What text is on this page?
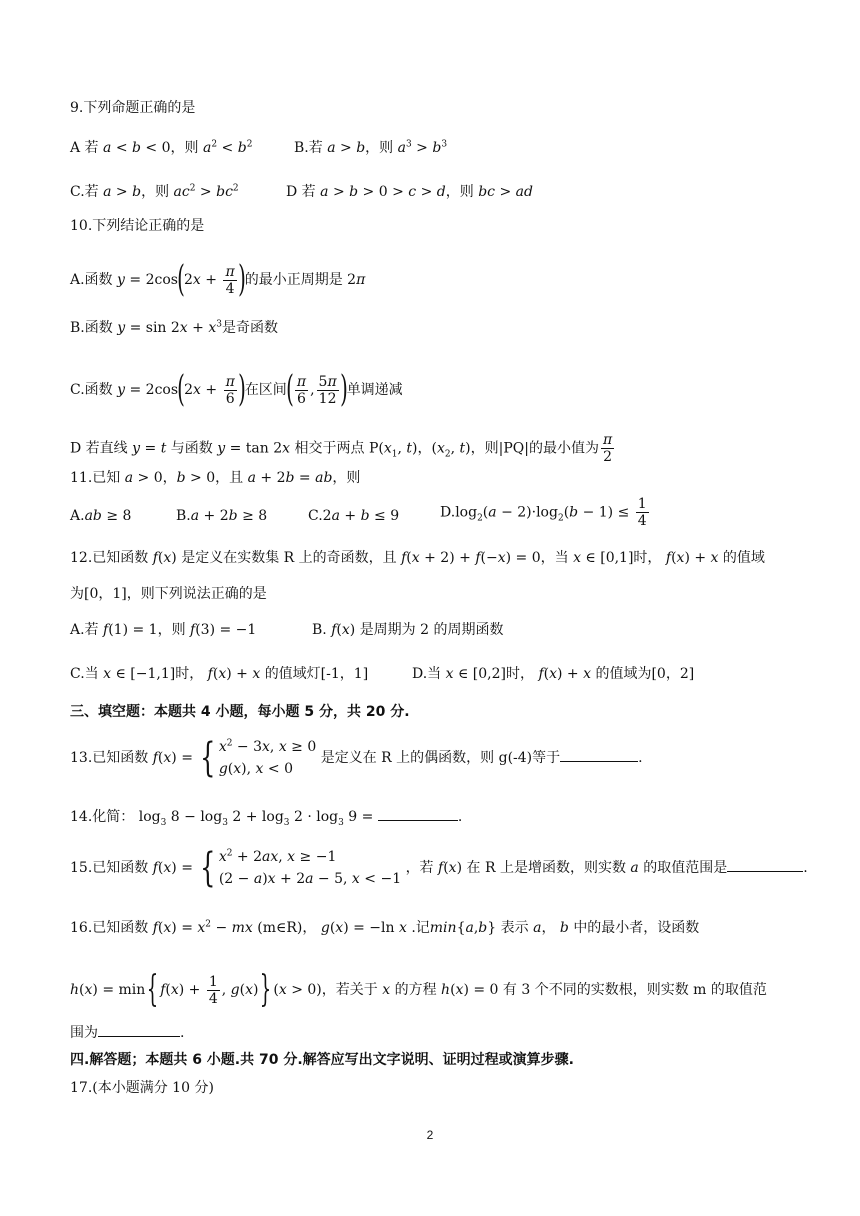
9.下列命题正确的是
A 若 a < b < 0，则 $a^2 < b^2$	B.若 a > b，则 $a^3 > b^3$
C.若 a > b，则 $ac^2 > bc^2$	D 若 a > b > 0 > c > d，则 bc > ad
10.下列结论正确的是
A.函数 $y = 2\cos(2x + \frac{\pi}{4}$ )的最小正周期是 2π
B.函数 $y = \sin 2x + x^3$是奇函数
C.函数 $y = 2\cos(2x + \frac{\pi}{6}$ )在区间( $\frac{\pi}{6}$ , $\frac{5\pi}{12}$ )单调递减
D 若直线 y = t 与函数 y = tan 2x 相交于两点 $P(x_1$, t)，($x_2$, t)，则|PQ|的最小值为 $\frac{\pi}{2}$
11.已知 a > 0，b > 0，且 a + 2b = ab，则
A.ab ≥ 8	B.a + 2b ≥ 8	C.2a + b ≤ 9	$D.\log_2(a - 2)\cdot\log_2(b - 1) \le \frac{1}{4}$
12.已知函数 f(x) 是定义在实数集 R 上的奇函数，且 f(x + 2) + f(−x) = 0，当 x ∈ [0,1]时， f(x) + x 的值域
为[0，1]，则下列说法正确的是
A.若 f(1) = 1，则 f(3) = −1	B. f(x) 是周期为 2 的周期函数
C.当 x ∈ [−1,1]时， f(x) + x 的值域灯[-1，1]	D.当 x ∈ [0,2]时， f(x) + x 的值域为[0，2]
三、填空题：本题共 4 小题，每小题 5 分，共 20 分.
13.已知函数 f(x) = { $x^2 - 3x$, x ≥ 0
g(x), x < 0
是定义在 R 上的偶函数，则 g(-4)等于	.
14.化简： $\log_3 8 - \log_3 2 + \log_3 2 \cdot \log_3 9$ =	.
15.已知函数 f(x) = { $x^2 + 2ax$, x ≥ −1
(2 − a)x + 2a − 5, x < −1
，若 f(x) 在 R 上是增函数，则实数 a 的取值范围是	.
16.已知函数 $f(x) = x^2$ − mx (m∈R)， g(x) = −ln x .记min{a,b} 表示 a， b 中的最小者，设函数
h(x) = min{ $f(x) + \frac{1}{4}$ , g(x)} (x > 0)，若关于 x 的方程 h(x) = 0 有 3 个不同的实数根，则实数 m 的取值范
围为	.
四.解答题；本题共 6 小题.共 70 分.解答应写出文字说明、证明过程或演算步骤.
17.(本小题满分 10 分)
2
